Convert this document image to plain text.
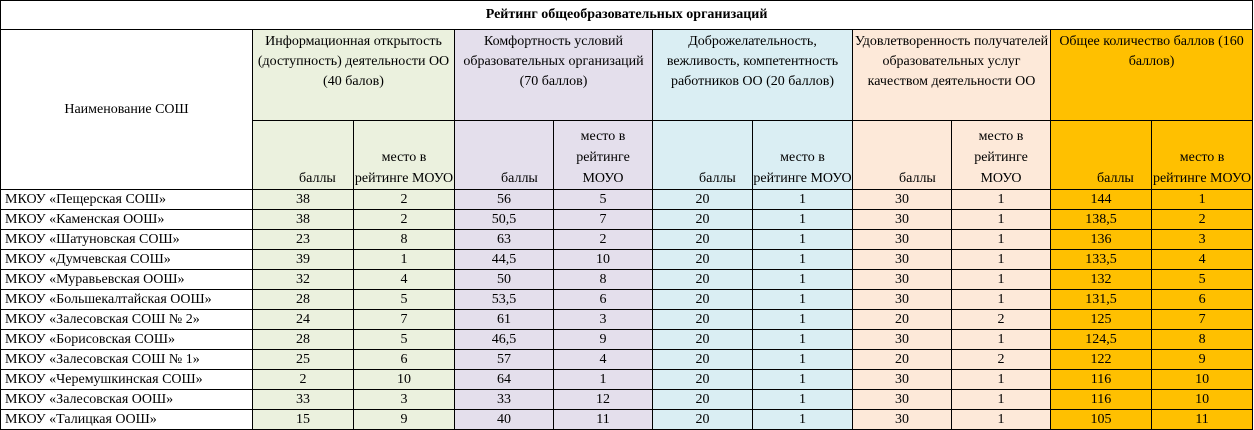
Рейтинг общеобразовательных организаций										
Наименование СОШ	Информационная открытость (доступность) деятельности ОО (40 балов)		Комфортность условий образовательных организаций (70 баллов)		Доброжелательность, вежливость, компетентность работников ОО (20 баллов)		Удовлетворенность получателей образовательных услуг качеством деятельности ОО		Общее количество баллов (160 баллов)	
	баллы	место в рейтинге МОУО	баллы	место в рейтинге МОУО	баллы	место в рейтинге МОУО	баллы	место в рейтинге МОУО	баллы	место в рейтинге МОУО
МКОУ «Пещерская СОШ»	38	2	56	5	20	1	30	1	144	1
МКОУ «Каменская ООШ»	38	2	50,5	7	20	1	30	1	138,5	2
МКОУ «Шатуновская СОШ»	23	8	63	2	20	1	30	1	136	3
МКОУ «Думчевская СОШ»	39	1	44,5	10	20	1	30	1	133,5	4
МКОУ «Муравьевская ООШ»	32	4	50	8	20	1	30	1	132	5
МКОУ «Большекалтайская ООШ»	28	5	53,5	6	20	1	30	1	131,5	6
МКОУ «Залесовская СОШ № 2»	24	7	61	3	20	1	20	2	125	7
МКОУ «Борисовская СОШ»	28	5	46,5	9	20	1	30	1	124,5	8
МКОУ «Залесовская СОШ № 1»	25	6	57	4	20	1	20	2	122	9
МКОУ «Черемушкинская СОШ»	2	10	64	1	20	1	30	1	116	10
МКОУ «Залесовская ООШ»	33	3	33	12	20	1	30	1	116	10
МКОУ «Талицкая ООШ»	15	9	40	11	20	1	30	1	105	11
